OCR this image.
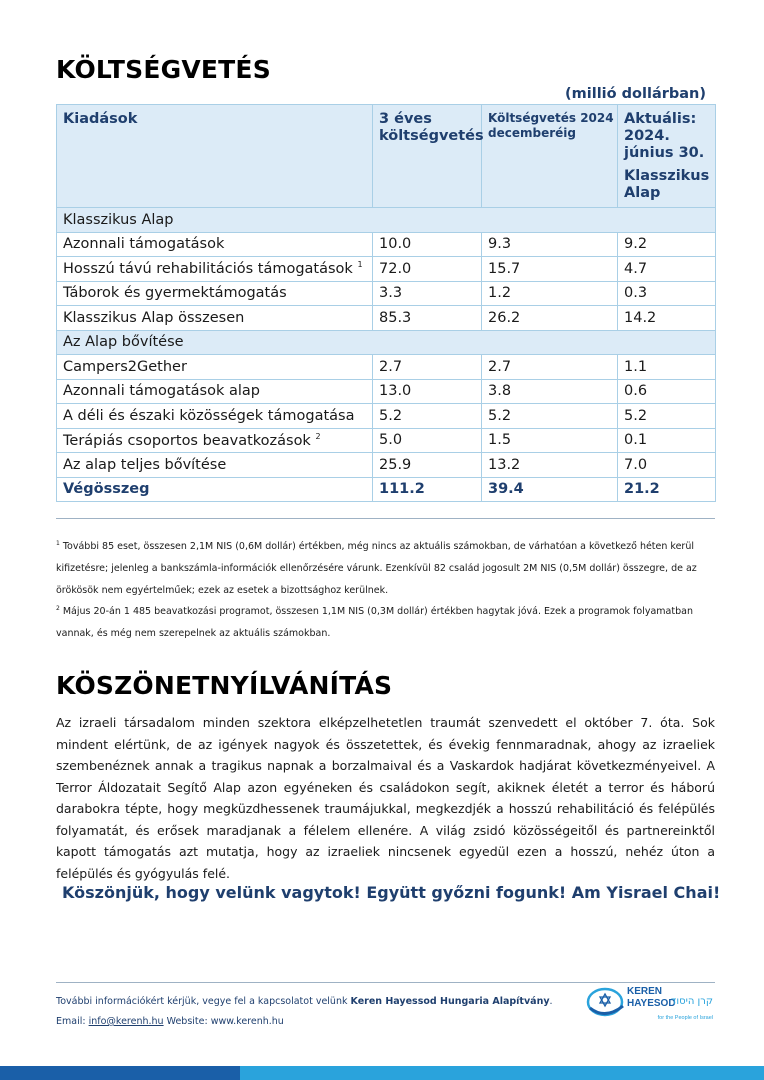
KÖLTSÉGVETÉS
(millió dollárban)
Kiadások	3 éves költségvetés	Költségvetés 2024 decemberéig	Aktuális: 2024. június 30.
Klasszikus Alap

Klasszikus Alap			
Azonnali támogatások	10.0	9.3	9.2
Hosszú távú rehabilitációs támogatások $^1$	72.0	15.7	4.7
Táborok és gyermektámogatás	3.3	1.2	0.3
Klasszikus Alap összesen	85.3	26.2	14.2
Az Alap bővítése			
Campers2Gether	2.7	2.7	1.1
Azonnali támogatások alap	13.0	3.8	0.6
A déli és északi közösségek támogatása	5.2	5.2	5.2
Terápiás csoportos beavatkozások $^2$	5.0	1.5	0.1
Az alap teljes bővítése	25.9	13.2	7.0
Végösszeg	111.2	39.4	21.2

$^1$ További 85 eset, összesen 2,1M NIS (0,6M dollár) értékben, még nincs az aktuális számokban, de várhatóan a következő héten kerül kifizetésre; jelenleg a bankszámla-információk ellenőrzésére várunk. Ezenkívül 82 család jogosult 2M NIS (0,5M dollár) összegre, de az örökösök nem egyértelműek; ezek az esetek a bizottsághoz kerülnek.

$^2$ Május 20-án 1 485 beavatkozási programot, összesen 1,1M NIS (0,3M dollár) értékben hagytak jóvá. Ezek a programok folyamatban vannak, és még nem szerepelnek az aktuális számokban.

KÖSZÖNETNYÍLVÁNÍTÁS

Az izraeli társadalom minden szektora elképzelhetetlen traumát szenvedett el október 7. óta. Sok mindent elértünk, de az igények nagyok és összetettek, és évekig fennmaradnak, ahogy az izraeliek szembenéznek annak a tragikus napnak a borzalmaival és a Vaskardok hadjárat következményeivel. A Terror Áldozatait Segítő Alap azon egyéneken és családokon segít, akiknek életét a terror és háború darabokra tépte, hogy megküzdhessenek traumájukkal, megkezdjék a hosszú rehabilitáció és felépülés folyamatát, és erősek maradjanak a félelem ellenére. A világ zsidó közösségeitől és partnereinktől kapott támogatás azt mutatja, hogy az izraeliek nincsenek egyedül ezen a hosszú, nehéz úton a felépülés és gyógyulás felé.

Köszönjük, hogy velünk vagytok! Együtt győzni fogunk! Am Yisrael Chai!

További információkért kérjük, vegye fel a kapcsolatot velünk Keren Hayessod Hungaria Alapítvány.
Email: info@kerenh.hu Website: www.kerenh.hu
KEREN
HAYESOD
קרן היסוד
for the People of Israel
